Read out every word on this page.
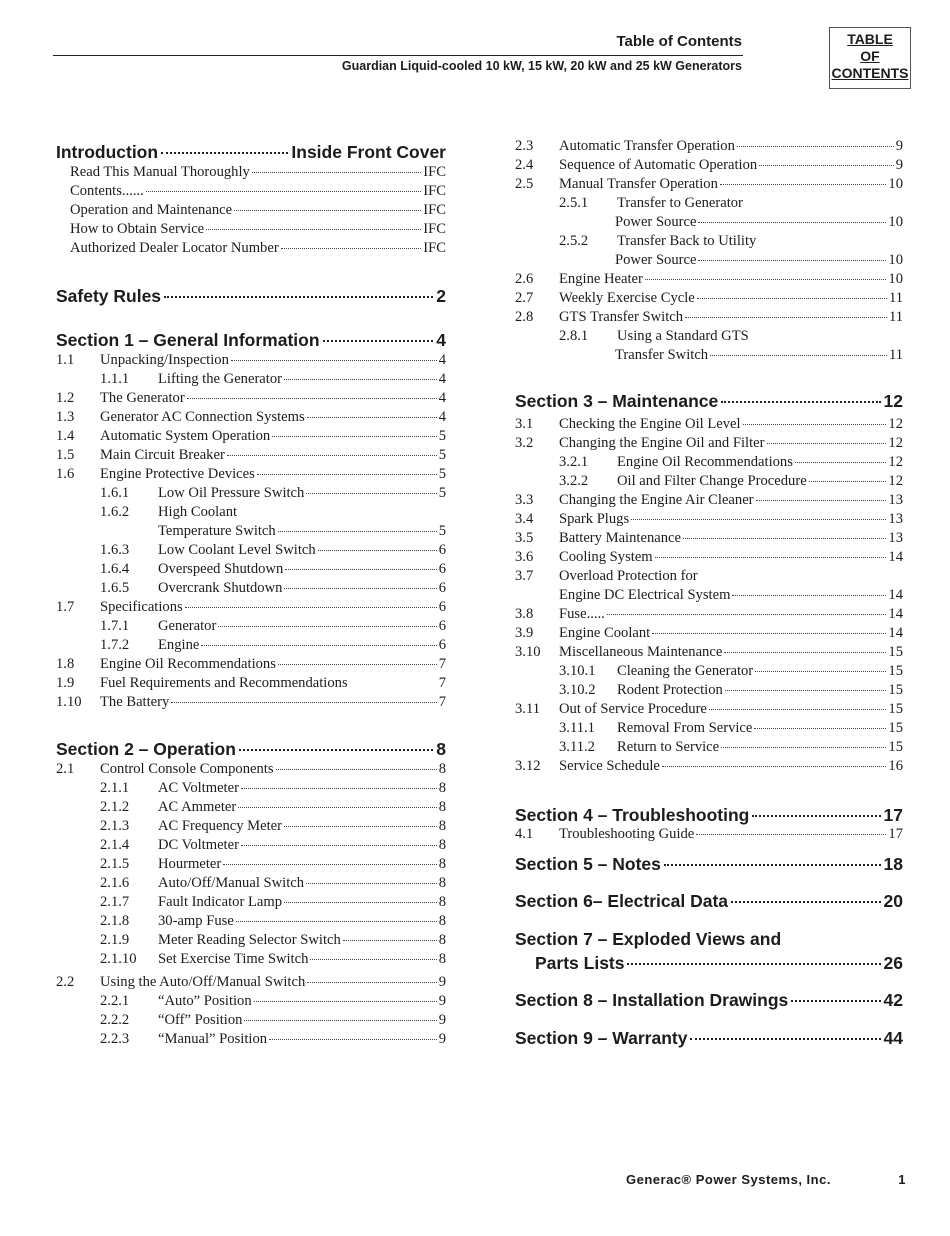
Table of Contents
Guardian Liquid-cooled 10 kW, 15 kW, 20 kW and 25 kW Generators
TABLE
OF
CONTENTS
Introduction	Inside Front Cover
Read This Manual Thoroughly	IFC
Contents......	IFC
Operation and Maintenance	IFC
How to Obtain Service	IFC
Authorized Dealer Locator Number	IFC
Safety Rules	2
Section 1 – General Information	4
1.1	Unpacking/Inspection	4
1.1.1	Lifting the Generator	4
1.2	The Generator	4
1.3	Generator AC Connection Systems	4
1.4	Automatic System Operation	5
1.5	Main Circuit Breaker	5
1.6	Engine Protective Devices	5
1.6.1	Low Oil Pressure Switch	5
1.6.2	High Coolant
Temperature Switch	5
1.6.3	Low Coolant Level Switch	6
1.6.4	Overspeed Shutdown	6
1.6.5	Overcrank Shutdown	6
1.7	Specifications	6
1.7.1	Generator	6
1.7.2	Engine	6
1.8	Engine Oil Recommendations	7
1.9	Fuel Requirements and Recommendations	7
1.10	The Battery	7
Section 2 – Operation	8
2.1	Control Console Components	8
2.1.1	AC Voltmeter	8
2.1.2	AC Ammeter	8
2.1.3	AC Frequency Meter	8
2.1.4	DC Voltmeter	8
2.1.5	Hourmeter	8
2.1.6	Auto/Off/Manual Switch	8
2.1.7	Fault Indicator Lamp	8
2.1.8	30-amp Fuse	8
2.1.9	Meter Reading Selector Switch	8
2.1.10	Set Exercise Time Switch	8
2.2	Using the Auto/Off/Manual Switch	9
2.2.1	“Auto” Position	9
2.2.2	“Off” Position	9
2.2.3	“Manual” Position	9
2.3	Automatic Transfer Operation	9
2.4	Sequence of Automatic Operation	9
2.5	Manual Transfer Operation	10
2.5.1	Transfer to Generator
Power Source	10
2.5.2	Transfer Back to Utility
Power Source	10
2.6	Engine Heater	10
2.7	Weekly Exercise Cycle	11
2.8	GTS Transfer Switch	11
2.8.1	Using a Standard GTS
Transfer Switch	11
Section 3 – Maintenance	12
3.1	Checking the Engine Oil Level	12
3.2	Changing the Engine Oil and Filter	12
3.2.1	Engine Oil Recommendations	12
3.2.2	Oil and Filter Change Procedure	12
3.3	Changing the Engine Air Cleaner	13
3.4	Spark Plugs	13
3.5	Battery Maintenance	13
3.6	Cooling System	14
3.7	Overload Protection for
Engine DC Electrical System	14
3.8	Fuse.....	14
3.9	Engine Coolant	14
3.10	Miscellaneous Maintenance	15
3.10.1	Cleaning the Generator	15
3.10.2	Rodent Protection	15
3.11	Out of Service Procedure	15
3.11.1	Removal From Service	15
3.11.2	Return to Service	15
3.12	Service Schedule	16
Section 4 – Troubleshooting	17
4.1	Troubleshooting Guide	17
Section 5 – Notes	18
Section 6– Electrical Data	20
Section 7 – Exploded Views and
Parts Lists	26
Section 8 – Installation Drawings	42
Section 9 – Warranty	44
Generac® Power Systems, Inc.	1
